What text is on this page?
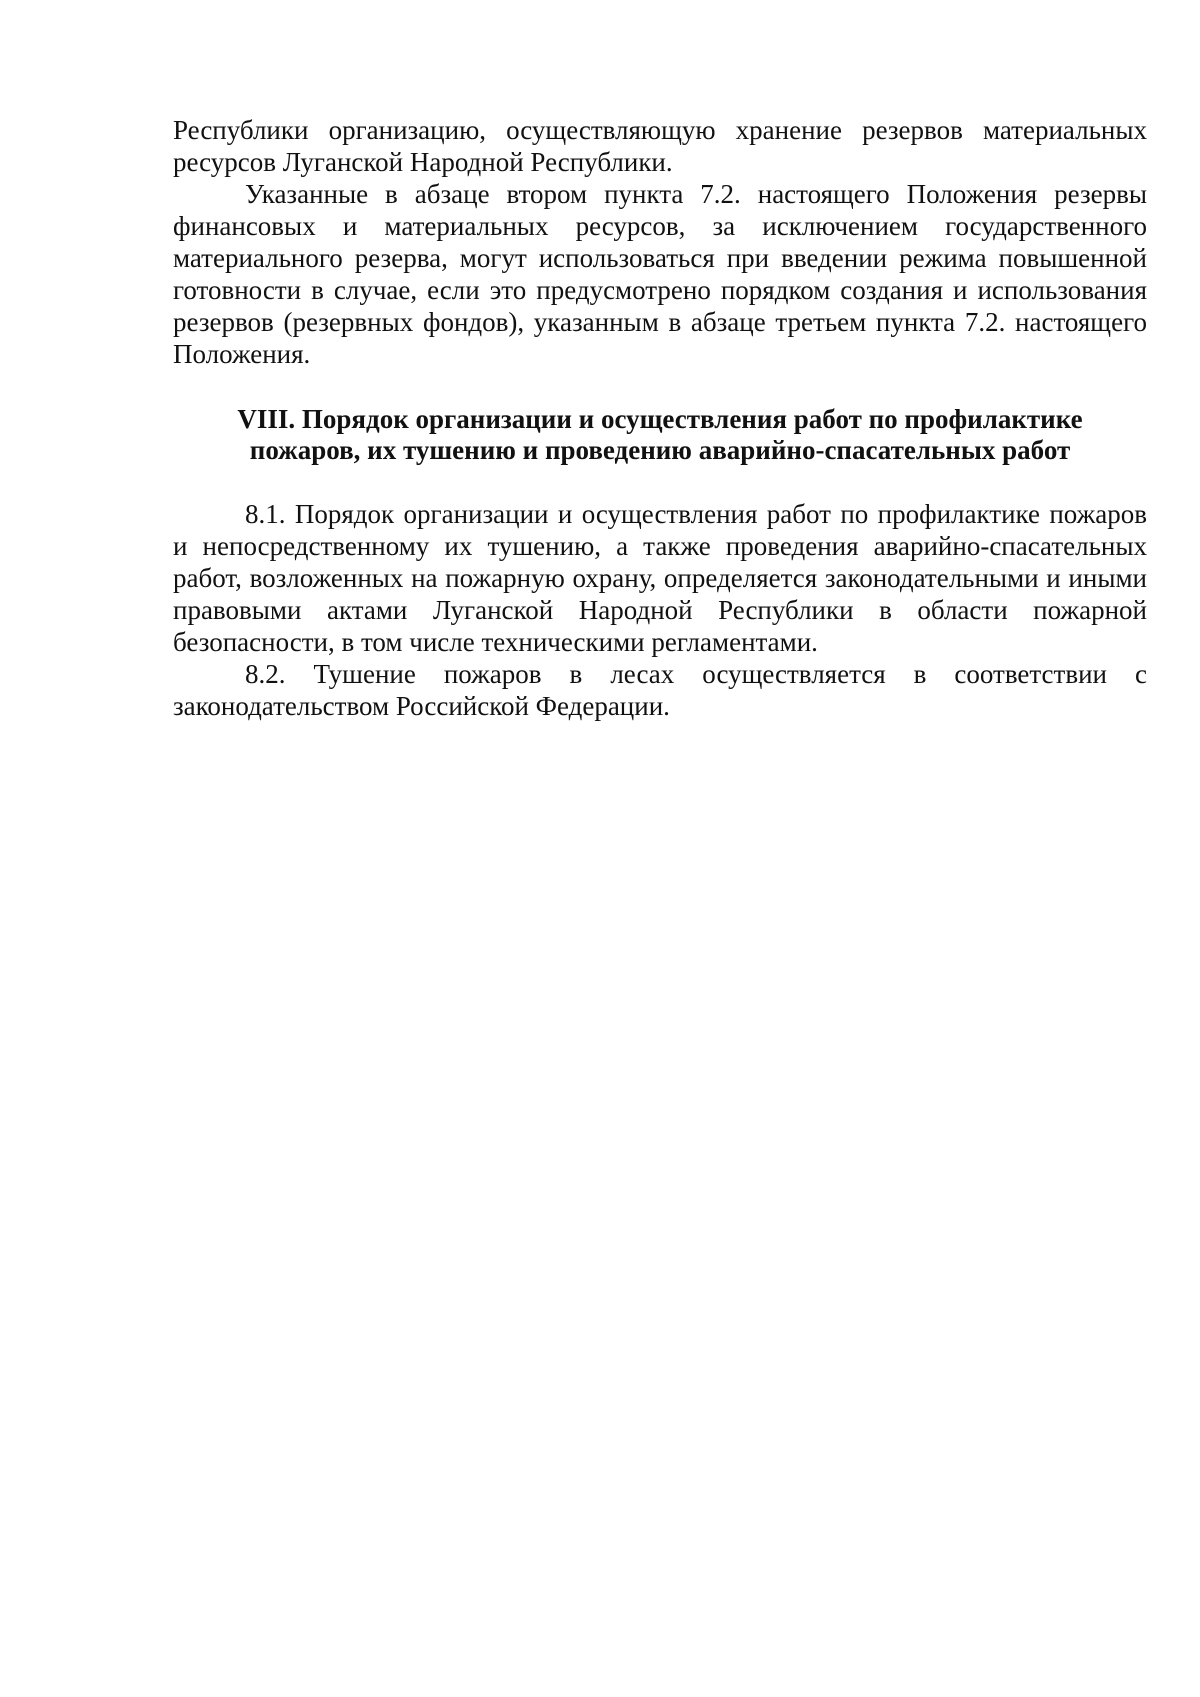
Республики организацию, осуществляющую хранение резервов материальных ресурсов Луганской Народной Республики.

Указанные в абзаце втором пункта 7.2. настоящего Положения резервы финансовых и материальных ресурсов, за исключением государственного материального резерва, могут использоваться при введении режима повышенной готовности в случае, если это предусмотрено порядком создания и использования резервов (резервных фондов), указанным в абзаце третьем пункта 7.2. настоящего Положения.

VIII. Порядок организации и осуществления работ по профилактике
пожаров, их тушению и проведению аварийно-спасательных работ

8.1. Порядок организации и осуществления работ по профилактике пожаров и непосредственному их тушению, а также проведения аварийно-спасательных работ, возложенных на пожарную охрану, определяется законодательными и иными правовыми актами Луганской Народной Республики в области пожарной безопасности, в том числе техническими регламентами.

8.2. Тушение пожаров в лесах осуществляется в соответствии с законодательством Российской Федерации.
